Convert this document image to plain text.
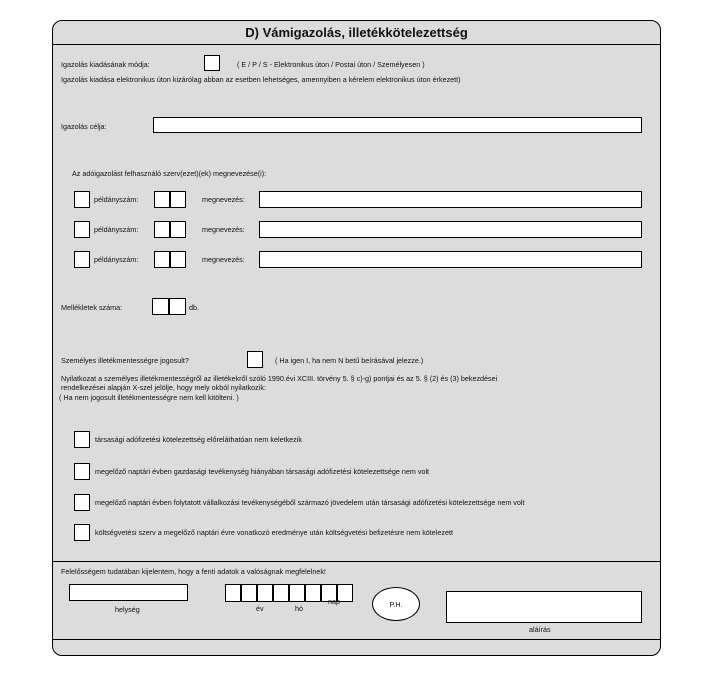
D) Vámigazolás, illetékkötelezettség
Igazolás kiadásának módja:	( E / P / S - Elektronikus úton / Postai úton / Személyesen )
Igazolás kiadása elektronikus úton kizárólag abban az esetben lehetséges, amennyiben a kérelem elektronikus úton érkezett)
Igazolás célja:
Az adóigazolást felhasználó szerv(ezet)(ek) megnevezése(i):
példányszám:	megnevezés:
példányszám:	megnevezés:
példányszám:	megnevezés:
Mellékletek száma:	db.
Személyes illetékmentességre jogosult?	( Ha igen I, ha nem N betű beírásával jelezze.)
Nyilatkozat a személyes illetékmentességről az illetékekről szóló 1990.évi XCIII. törvény 5. § c)-g) pontjai és az 5. § (2) és (3) bekezdései
rendelkezései alapján X-szel jelölje, hogy mely okból nyilatkozik:
( Ha nem jogosult illetékmentességre nem kell kitölteni. )
társasági adófizetési kötelezettség előreláthatóan nem keletkezik
megelőző naptári évben gazdasági tevékenység hiányában társasági adófizetési kötelezettsége nem volt
megelőző naptári évben folytatott vállalkozási tevékenységéből származó jövedelem után társasági adófizetési kötelezettsége nem volt
költségvetési szerv a megelőző naptári évre vonatkozó eredménye után költségvetési befizetésre nem kötelezett
Felelősségem tudatában kijelentem, hogy a fenti adatok a valóságnak megfelelnek!
helység	év	hó
nap	P.H.
aláírás
